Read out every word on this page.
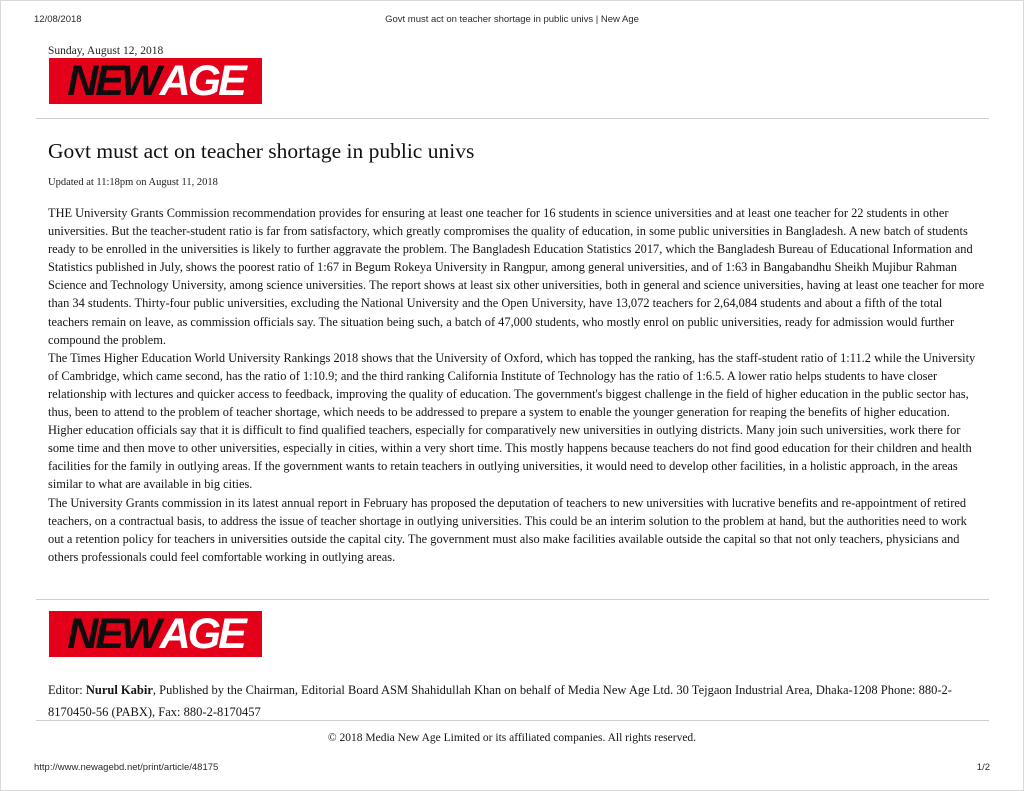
12/08/2018	Govt must act on teacher shortage in public univs | New Age
Sunday, August 12, 2018
NEW AGE
Govt must act on teacher shortage in public univs
Updated at 11:18pm on August 11, 2018

THE University Grants Commission recommendation provides for ensuring at least one teacher for 16 students in science universities and at least one teacher for 22 students in other universities. But the teacher-student ratio is far from satisfactory, which greatly compromises the quality of education, in some public universities in Bangladesh. A new batch of students ready to be enrolled in the universities is likely to further aggravate the problem. The Bangladesh Education Statistics 2017, which the Bangladesh Bureau of Educational Information and Statistics published in July, shows the poorest ratio of 1:67 in Begum Rokeya University in Rangpur, among general universities, and of 1:63 in Bangabandhu Sheikh Mujibur Rahman Science and Technology University, among science universities. The report shows at least six other universities, both in general and science universities, having at least one teacher for more than 34 students. Thirty-four public universities, excluding the National University and the Open University, have 13,072 teachers for 2,64,084 students and about a fifth of the total teachers remain on leave, as commission officials say. The situation being such, a batch of 47,000 students, who mostly enrol on public universities, ready for admission would further compound the problem.

The Times Higher Education World University Rankings 2018 shows that the University of Oxford, which has topped the ranking, has the staff-student ratio of 1:11.2 while the University of Cambridge, which came second, has the ratio of 1:10.9; and the third ranking California Institute of Technology has the ratio of 1:6.5. A lower ratio helps students to have closer relationship with lectures and quicker access to feedback, improving the quality of education. The government's biggest challenge in the field of higher education in the public sector has, thus, been to attend to the problem of teacher shortage, which needs to be addressed to prepare a system to enable the younger generation for reaping the benefits of higher education. Higher education officials say that it is difficult to find qualified teachers, especially for comparatively new universities in outlying districts. Many join such universities, work there for some time and then move to other universities, especially in cities, within a very short time. This mostly happens because teachers do not find good education for their children and health facilities for the family in outlying areas. If the government wants to retain teachers in outlying universities, it would need to develop other facilities, in a holistic approach, in the areas similar to what are available in big cities.

The University Grants commission in its latest annual report in February has proposed the deputation of teachers to new universities with lucrative benefits and re-appointment of retired teachers, on a contractual basis, to address the issue of teacher shortage in outlying universities. This could be an interim solution to the problem at hand, but the authorities need to work out a retention policy for teachers in universities outside the capital city. The government must also make facilities available outside the capital so that not only teachers, physicians and others professionals could feel comfortable working in outlying areas.

NEW AGE
Editor: Nurul Kabir, Published by the Chairman, Editorial Board ASM Shahidullah Khan on behalf of Media New Age Ltd. 30 Tejgaon Industrial Area, Dhaka-1208 Phone: 880-2-8170450-56 (PABX), Fax: 880-2-8170457
© 2018 Media New Age Limited or its affiliated companies. All rights reserved.
http://www.newagebd.net/print/article/48175	1/2
